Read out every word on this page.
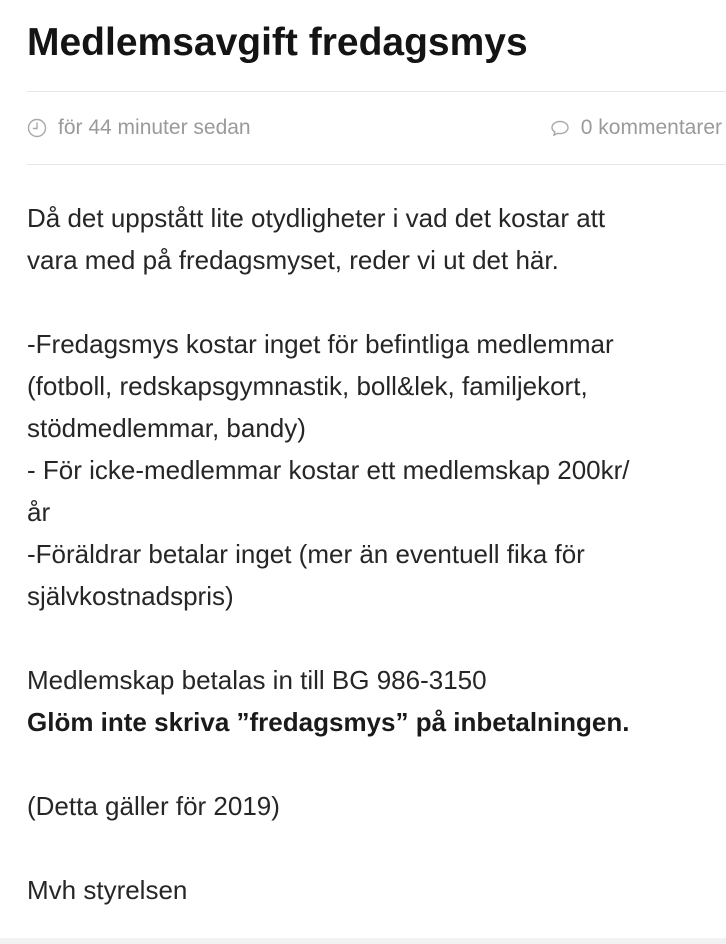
Medlemsavgift fredagsmys
för 44 minuter sedan	0 kommentarer

Då det uppstått lite otydligheter i vad det kostar att

vara med på fredagsmyset, reder vi ut det här.

-Fredagsmys kostar inget för befintliga medlemmar

(fotboll, redskapsgymnastik, boll&lek, familjekort,

stödmedlemmar, bandy)

- För icke-medlemmar kostar ett medlemskap 200kr/

år

-Föräldrar betalar inget (mer än eventuell fika för

självkostnadspris)

Medlemskap betalas in till BG 986-3150

Glöm inte skriva ”fredagsmys” på inbetalningen.

(Detta gäller för 2019)

Mvh styrelsen
